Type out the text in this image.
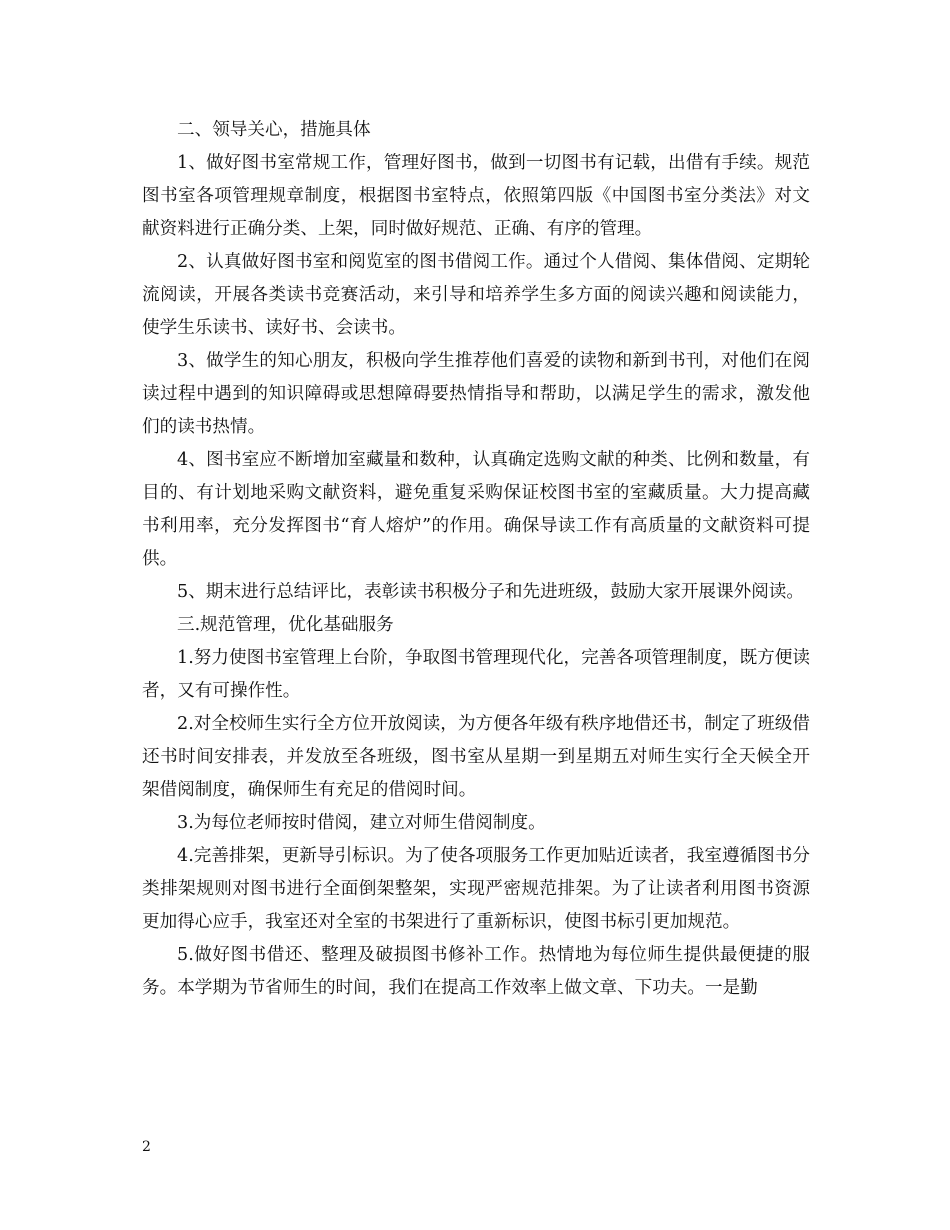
二、领导关心，措施具体

1、做好图书室常规工作，管理好图书，做到一切图书有记载，出借有手续。规范图书室各项管理规章制度，根据图书室特点，依照第四版《中国图书室分类法》对文献资料进行正确分类、上架，同时做好规范、正确、有序的管理。

2、认真做好图书室和阅览室的图书借阅工作。通过个人借阅、集体借阅、定期轮流阅读，开展各类读书竞赛活动，来引导和培养学生多方面的阅读兴趣和阅读能力，使学生乐读书、读好书、会读书。

3、做学生的知心朋友，积极向学生推荐他们喜爱的读物和新到书刊，对他们在阅读过程中遇到的知识障碍或思想障碍要热情指导和帮助，以满足学生的需求，激发他们的读书热情。

4、图书室应不断增加室藏量和数种，认真确定选购文献的种类、比例和数量，有目的、有计划地采购文献资料，避免重复采购保证校图书室的室藏质量。大力提高藏书利用率，充分发挥图书“育人熔炉”的作用。确保导读工作有高质量的文献资料可提供。

5、期末进行总结评比，表彰读书积极分子和先进班级，鼓励大家开展课外阅读。

三.规范管理，优化基础服务

1.努力使图书室管理上台阶，争取图书管理现代化，完善各项管理制度，既方便读者，又有可操作性。

2.对全校师生实行全方位开放阅读，为方便各年级有秩序地借还书，制定了班级借还书时间安排表，并发放至各班级，图书室从星期一到星期五对师生实行全天候全开架借阅制度，确保师生有充足的借阅时间。

3.为每位老师按时借阅，建立对师生借阅制度。

4.完善排架，更新导引标识。为了使各项服务工作更加贴近读者，我室遵循图书分类排架规则对图书进行全面倒架整架，实现严密规范排架。为了让读者利用图书资源更加得心应手，我室还对全室的书架进行了重新标识，使图书标引更加规范。

5.做好图书借还、整理及破损图书修补工作。热情地为每位师生提供最便捷的服务。本学期为节省师生的时间，我们在提高工作效率上做文章、下功夫。一是勤

2
